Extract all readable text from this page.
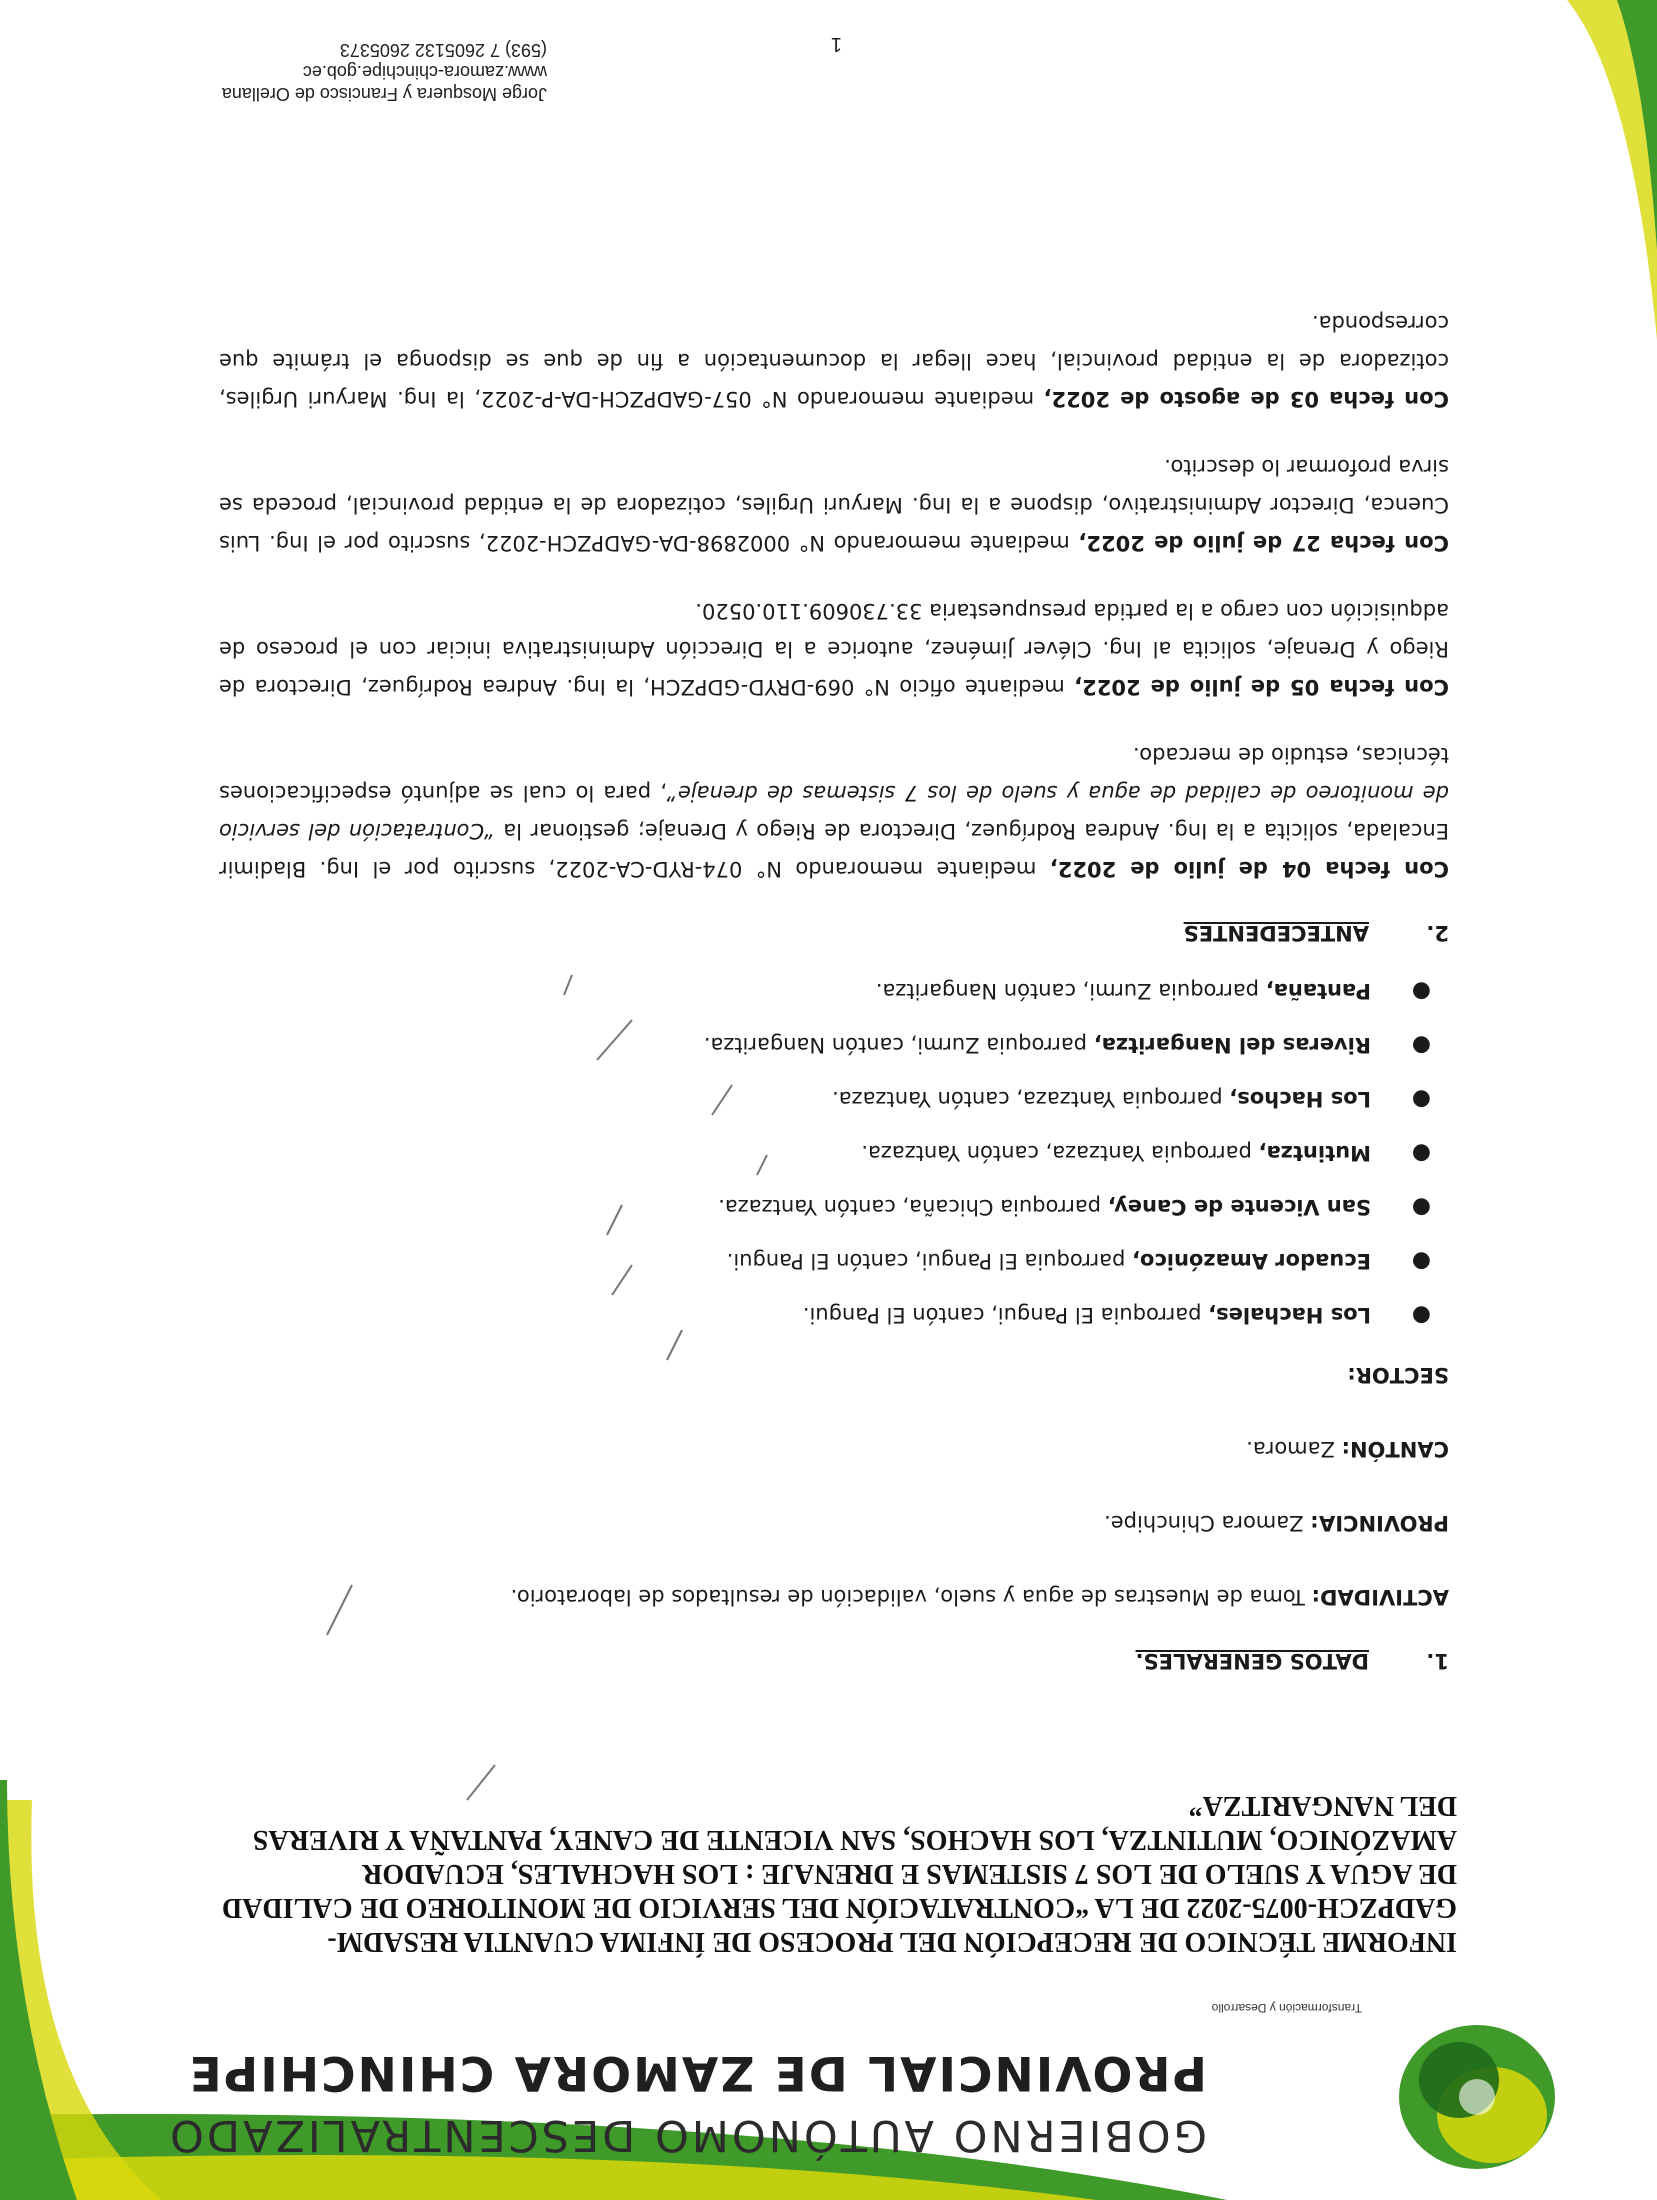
GOBIERNO AUTÓNOMO DESCENTRALIZADO
PROVINCIAL DE ZAMORA CHINCHIPE
Transformación y Desarrollo
INFORME TÉCNICO DE RECEPCIÓN DEL PROCESO DE ÍNFIMA CUANTIA RESADM-GADPZCH-0075-2022 DE LA “CONTRATACIÓN DEL SERVICIO DE MONITOREO DE CALIDAD DE AGUA Y SUELO DE LOS 7 SISTEMAS E DRENAJE : LOS HACHALES, ECUADOR AMAZÓNICO, MUTINTZA, LOS HACHOS, SAN VICENTE DE CANEY, PANTAÑA Y RIVERAS DEL NANGARITZA”
1.DATOS GENERALES.
ACTIVIDAD: Toma de Muestras de agua y suelo, validación de resultados de laboratorio.
PROVINCIA: Zamora Chinchipe.
CANTÓN: Zamora.
SECTOR:
●
Los Hachales, parroquia El Pangui, cantón El Pangui.
●
Ecuador Amazónico, parroquia El Pangui, cantón El Pangui.
●
San Vicente de Caney, parroquia Chicaña, cantón Yantzaza.
●
Mutintza, parroquia Yantzaza, cantón Yantzaza.
●
Los Hachos, parroquia Yantzaza, cantón Yantzaza.
●
Riveras del Nangaritza, parroquia Zurmi, cantón Nangaritza.
●
Pantaña, parroquia Zurmi, cantón Nangaritza.
2.ANTECEDENTES

Con fecha 04 de julio de 2022, mediante memorando N° 074-RYD-CA-2022, suscrito por el Ing. Bladimir Encalada, solicita a la Ing. Andrea Rodríguez, Directora de Riego y Drenaje; gestionar la “Contratación del servicio de monitoreo de calidad de agua y suelo de los 7 sistemas de drenaje”, para lo cual se adjuntó especificaciones técnicas, estudio de mercado.

Con fecha 05 de julio de 2022, mediante oficio N° 069-DRYD-GDPZCH, la Ing. Andrea Rodríguez, Directora de Riego y Drenaje, solicita al Ing. Cléver Jiménez, autorice a la Dirección Administrativa iniciar con el proceso de adquisición con cargo a la partida presupuestaria 33.730609.110.0520.

Con fecha 27 de julio de 2022, mediante memorando N° 0002898-DA-GADPZCH-2022, suscrito por el Ing. Luis Cuenca, Director Administrativo, dispone a la Ing. Maryuri Urgiles, cotizadora de la entidad provincial, proceda se sirva proformar lo descrito.

Con fecha 03 de agosto de 2022, mediante memorando N° 057-GADPZCH-DA-P-2022, la Ing. Maryuri Urgiles, cotizadora de la entidad provincial, hace llegar la documentación a fin de que se disponga el trámite que corresponda.

Jorge Mosquera y Francisco de Orellana
www.zamora-chinchipe.gob.ec
(593) 7 2605132 2605373	1
